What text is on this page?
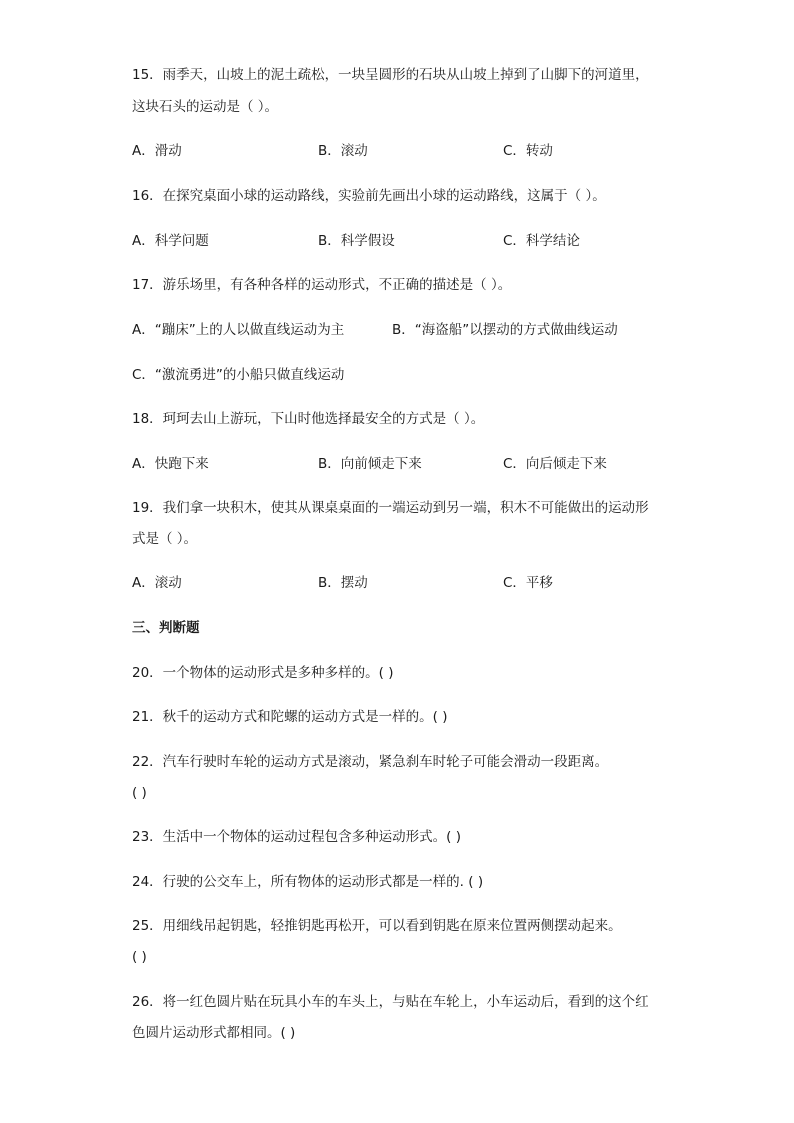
15．雨季天，山坡上的泥土疏松，一块呈圆形的石块从山坡上掉到了山脚下的河道里，
这块石头的运动是（ ）。
A．滑动	B．滚动	C．转动
16．在探究桌面小球的运动路线，实验前先画出小球的运动路线，这属于（ ）。
A．科学问题	B．科学假设	C．科学结论
17．游乐场里，有各种各样的运动形式，不正确的描述是（ ）。
A．“蹦床”上的人以做直线运动为主	B．“海盗船”以摆动的方式做曲线运动
C．“激流勇进”的小船只做直线运动
18．珂珂去山上游玩，下山时他选择最安全的方式是（ ）。
A．快跑下来	B．向前倾走下来	C．向后倾走下来
19．我们拿一块积木，使其从课桌桌面的一端运动到另一端，积木不可能做出的运动形
式是（ ）。
A．滚动	B．摆动	C．平移
三、判断题
20．一个物体的运动形式是多种多样的。( )
21．秋千的运动方式和陀螺的运动方式是一样的。( )
22．汽车行驶时车轮的运动方式是滚动，紧急刹车时轮子可能会滑动一段距离。
( )
23．生活中一个物体的运动过程包含多种运动形式。( )
24．行驶的公交车上，所有物体的运动形式都是一样的. ( )
25．用细线吊起钥匙，轻推钥匙再松开，可以看到钥匙在原来位置两侧摆动起来。
( )
26．将一红色圆片贴在玩具小车的车头上，与贴在车轮上，小车运动后，看到的这个红
色圆片运动形式都相同。( )
